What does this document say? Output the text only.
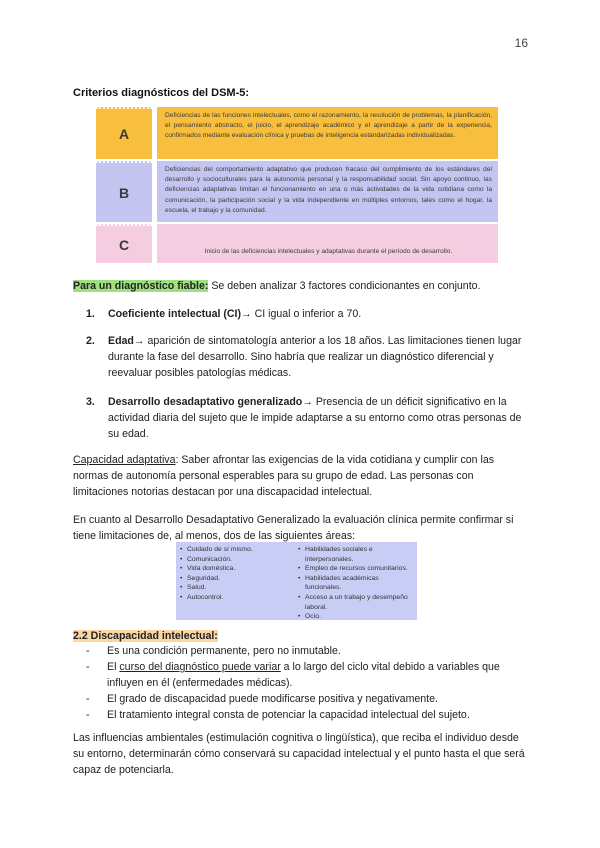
16
Criterios diagnósticos del DSM-5:
A
Deficiencias de las funciones intelectuales, como el razonamiento, la resolución de problemas, la planificación, el pensamiento abstracto, el juicio, el aprendizaje académico y el aprendizaje a partir de la experiencia, confirmados mediante evaluación clínica y pruebas de inteligencia estandarizadas individualizadas.
B
Deficiencias del comportamiento adaptativo que producen fracaso del cumplimiento de los estándares del desarrollo y socioculturales para la autonomía personal y la responsabilidad social. Sin apoyo continuo, las deficiencias adaptativas limitan el funcionamiento en una o más actividades de la vida cotidiana como la comunicación, la participación social y la vida independiente en múltiples entornos, tales como el hogar, la escuela, el trabajo y la comunidad.
C	Inicio de las deficiencias intelectuales y adaptativas durante el período de desarrollo.
Para un diagnóstico fiable: Se deben analizar 3 factores condicionantes en conjunto.
1. Coeficiente intelectual (CI)→ CI igual o inferior a 70.
2. Edad→ aparición de sintomatología anterior a los 18 años. Las limitaciones tienen lugar durante la fase del desarrollo. Sino habría que realizar un diagnóstico diferencial y reevaluar posibles patologías médicas.
3. Desarrollo desadaptativo generalizado→ Presencia de un déficit significativo en la actividad diaria del sujeto que le impide adaptarse a su entorno como otras personas de su edad.
Capacidad adaptativa: Saber afrontar las exigencias de la vida cotidiana y cumplir con las normas de autonomía personal esperables para su grupo de edad. Las personas con limitaciones notorias destacan por una discapacidad intelectual.
En cuanto al Desarrollo Desadaptativo Generalizado la evaluación clínica permite confirmar si tiene limitaciones de, al menos, dos de las siguientes áreas:
• Cuidado de sí mismo.
• Comunicación.
• Vida doméstica.
• Seguridad.
• Salud.
• Autocontrol.
• Habilidades sociales e interpersonales.
• Empleo de recursos comunitarios.
• Habilidades académicas funcionales.
• Acceso a un trabajo y desempeño laboral.
• Ocio.
2.2 Discapacidad intelectual:
- Es una condición permanente, pero no inmutable.
- El curso del diagnóstico puede variar a lo largo del ciclo vital debido a variables que influyen en él (enfermedades médicas).
- El grado de discapacidad puede modificarse positiva y negativamente.
- El tratamiento integral consta de potenciar la capacidad intelectual del sujeto.
Las influencias ambientales (estimulación cognitiva o lingüística), que reciba el individuo desde su entorno, determinarán cómo conservará su capacidad intelectual y el punto hasta el que será capaz de potenciarla.
